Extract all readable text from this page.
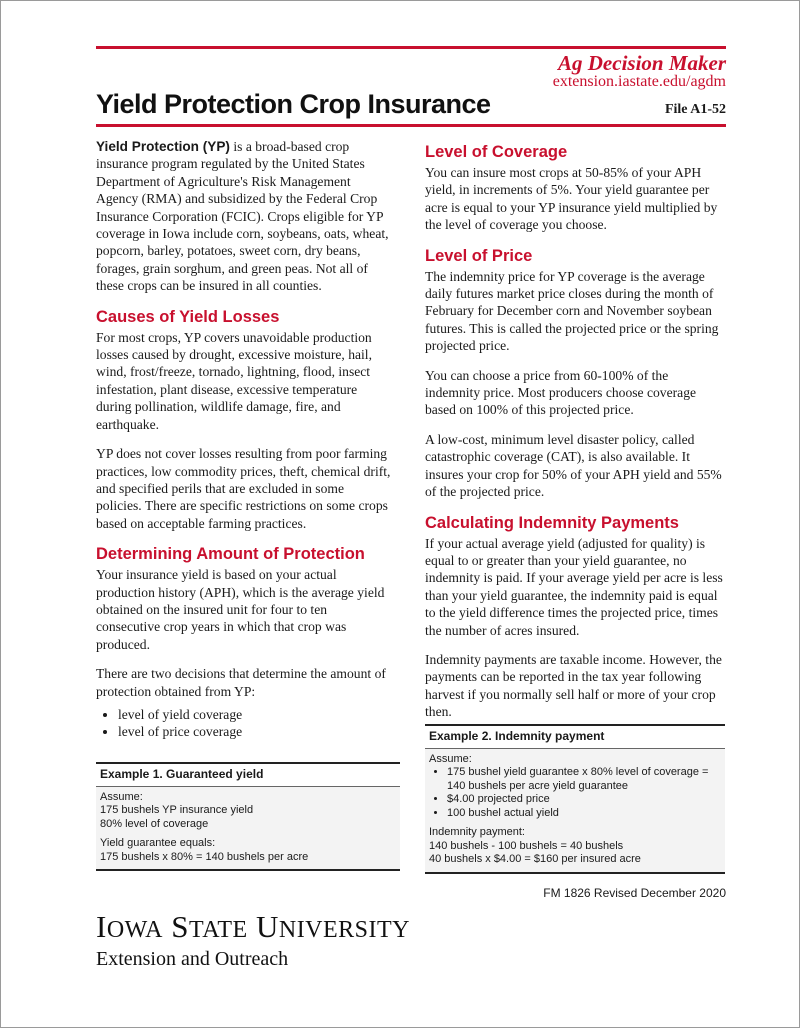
Ag Decision Maker
extension.iastate.edu/agdm
Yield Protection Crop Insurance	File A1-52

Yield Protection (YP) is a broad-based crop insurance program regulated by the United States Department of Agriculture's Risk Management Agency (RMA) and subsidized by the Federal Crop Insurance Corporation (FCIC). Crops eligible for YP coverage in Iowa include corn, soybeans, oats, wheat, popcorn, barley, potatoes, sweet corn, dry beans, forages, grain sorghum, and green peas. Not all of these crops can be insured in all counties.

Causes of Yield Losses

For most crops, YP covers unavoidable production losses caused by drought, excessive moisture, hail, wind, frost/freeze, tornado, lightning, flood, insect infestation, plant disease, excessive temperature during pollination, wildlife damage, fire, and earthquake.

YP does not cover losses resulting from poor farming practices, low commodity prices, theft, chemical drift, and specified perils that are excluded in some policies. There are specific restrictions on some crops based on acceptable farming practices.

Determining Amount of Protection

Your insurance yield is based on your actual production history (APH), which is the average yield obtained on the insured unit for four to ten consecutive crop years in which that crop was produced.

There are two decisions that determine the amount of protection obtained from YP:

• level of yield coverage
• level of price coverage
Example 1. Guaranteed yield
Assume:
175 bushels YP insurance yield
80% level of coverage
Yield guarantee equals:
175 bushels x 80% = 140 bushels per acre
Level of Coverage

You can insure most crops at 50-85% of your APH yield, in increments of 5%. Your yield guarantee per acre is equal to your YP insurance yield multiplied by the level of coverage you choose.

Level of Price

The indemnity price for YP coverage is the average daily futures market price closes during the month of February for December corn and November soybean futures. This is called the projected price or the spring projected price.

You can choose a price from 60-100% of the indemnity price. Most producers choose coverage based on 100% of this projected price.

A low-cost, minimum level disaster policy, called catastrophic coverage (CAT), is also available. It insures your crop for 50% of your APH yield and 55% of the projected price.

Calculating Indemnity Payments

If your actual average yield (adjusted for quality) is equal to or greater than your yield guarantee, no indemnity is paid. If your average yield per acre is less than your yield guarantee, the indemnity paid is equal to the yield difference times the projected price, times the number of acres insured.

Indemnity payments are taxable income. However, the payments can be reported in the tax year following harvest if you normally sell half or more of your crop then.

Example 2. Indemnity payment
Assume:
• 175 bushel yield guarantee x 80% level of coverage = 140 bushels per acre yield guarantee
• $4.00 projected price
• 100 bushel actual yield
Indemnity payment:
140 bushels - 100 bushels = 40 bushels
40 bushels x $4.00 = $160 per insured acre
FM 1826 Revised December 2020
IOWA STATE UNIVERSITY
Extension and Outreach
